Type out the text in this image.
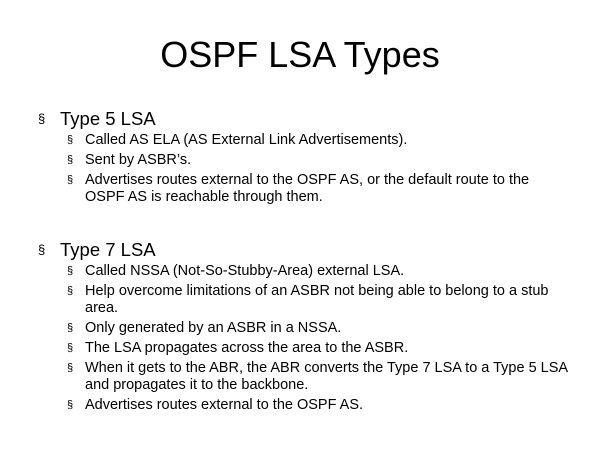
OSPF LSA Types
§ Type 5 LSA
§ Called AS ELA (AS External Link Advertisements).
§ Sent by ASBR’s.
§ Advertises routes external to the OSPF AS, or the default route to the OSPF AS is reachable through them.
§ Type 7 LSA
§ Called NSSA (Not-So-Stubby-Area) external LSA.
§ Help overcome limitations of an ASBR not being able to belong to a stub area.
§ Only generated by an ASBR in a NSSA.
§ The LSA propagates across the area to the ASBR.
§ When it gets to the ABR, the ABR converts the Type 7 LSA to a Type 5 LSA and propagates it to the backbone.
§ Advertises routes external to the OSPF AS.
